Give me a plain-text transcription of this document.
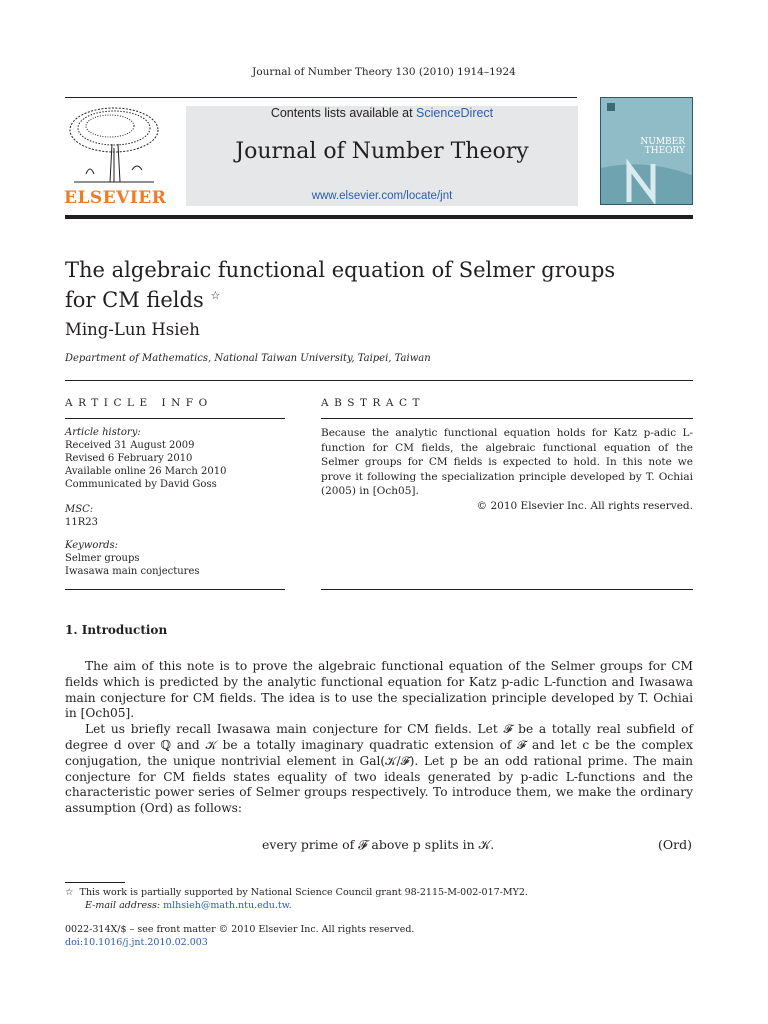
Journal of Number Theory 130 (2010) 1914–1924
ELSEVIER
Contents lists available at ScienceDirect
Journal of Number Theory
www.elsevier.com/locate/jnt
NUMBER
THEORY
The algebraic functional equation of Selmer groups
for CM fields ☆
Ming-Lun Hsieh
Department of Mathematics, National Taiwan University, Taipei, Taiwan
ARTICLE INFO	ABSTRACT
Article history:
Received 31 August 2009
Revised 6 February 2010
Available online 26 March 2010
Communicated by David Goss
MSC:
11R23
Keywords:
Selmer groups
Iwasawa main conjectures
Because the analytic functional equation holds for Katz p-adic L-function for CM fields, the algebraic functional equation of the Selmer groups for CM fields is expected to hold. In this note we prove it following the specialization principle developed by T. Ochiai (2005) in [Och05].
© 2010 Elsevier Inc. All rights reserved.
1. Introduction

The aim of this note is to prove the algebraic functional equation of the Selmer groups for CM fields which is predicted by the analytic functional equation for Katz p-adic L-function and Iwasawa main conjecture for CM fields. The idea is to use the specialization principle developed by T. Ochiai in [Och05].

Let us briefly recall Iwasawa main conjecture for CM fields. Let 𝓕 be a totally real subfield of degree d over ℚ and 𝒦 be a totally imaginary quadratic extension of 𝓕 and let c be the complex conjugation, the unique nontrivial element in Gal(𝒦/𝓕). Let p be an odd rational prime. The main conjecture for CM fields states equality of two ideals generated by p-adic L-functions and the characteristic power series of Selmer groups respectively. To introduce them, we make the ordinary assumption (Ord) as follows:

every prime of 𝓕 above p splits in 𝒦.	(Ord)
☆ This work is partially supported by National Science Council grant 98-2115-M-002-017-MY2.
E-mail address: mlhsieh@math.ntu.edu.tw.
0022-314X/$ – see front matter © 2010 Elsevier Inc. All rights reserved.
doi:10.1016/j.jnt.2010.02.003
